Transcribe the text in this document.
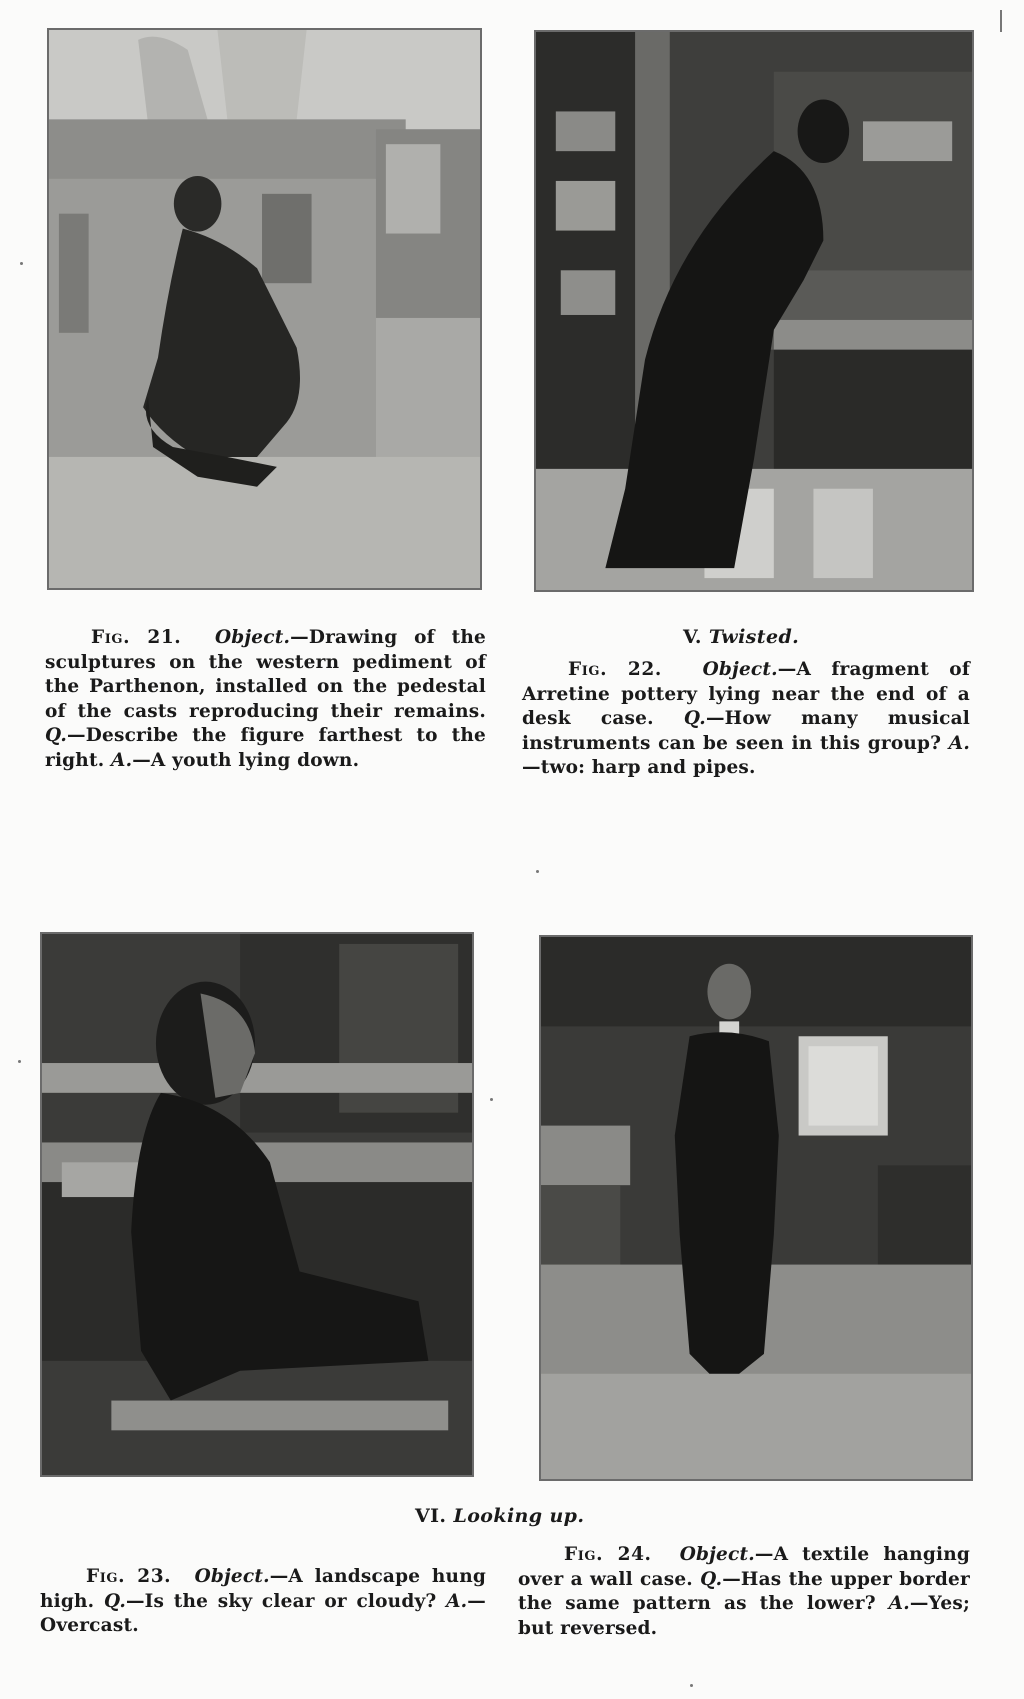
Fig. 21. Object.—Drawing of the sculptures on the western pediment of the Parthenon, installed on the pedestal of the casts reproducing their remains. Q.—Describe the figure farthest to the right. A.—A youth lying down.
V. Twisted.
Fig. 22. Object.—A fragment of Arretine pottery lying near the end of a desk case. Q.—How many musical instruments can be seen in this group? A.—two: harp and pipes.
VI. Looking up.
Fig. 23. Object.—A landscape hung high. Q.—Is the sky clear or cloudy? A.—Overcast.
Fig. 24. Object.—A textile hanging over a wall case. Q.—Has the upper border the same pattern as the lower? A.—Yes; but reversed.
